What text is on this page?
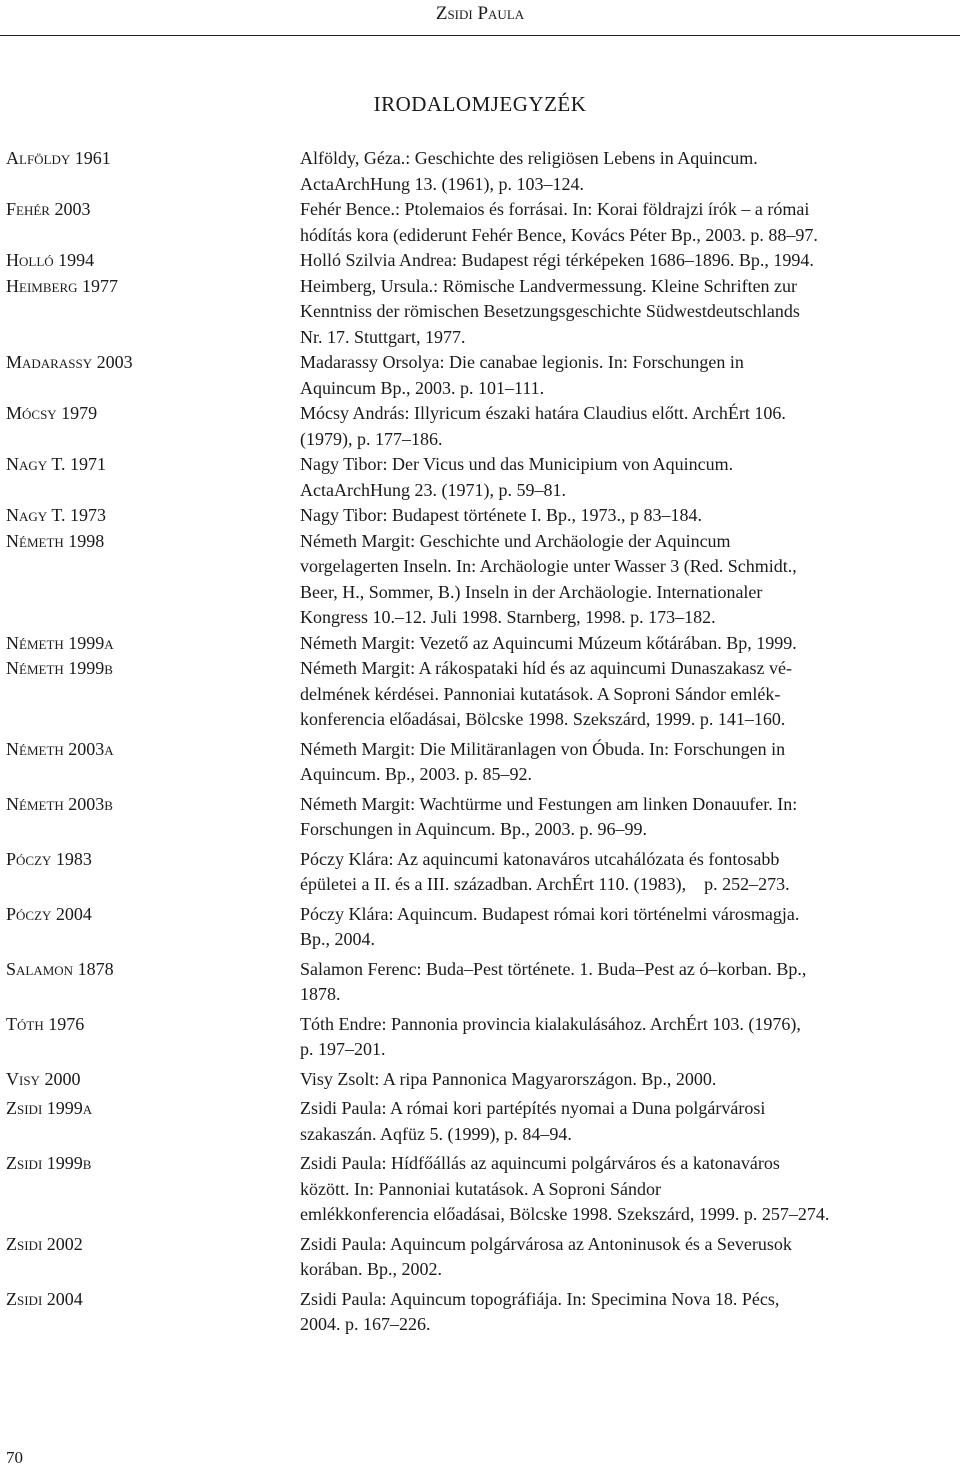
Zsidi Paula
IRODALOMJEGYZÉK
Alföldy 1961	Alföldy, Géza.: Geschichte des religiösen Lebens in Aquincum.
ActaArchHung 13. (1961), p. 103–124.
Fehér 2003	Fehér Bence.: Ptolemaios és forrásai. In: Korai földrajzi írók – a római
hódítás kora (ediderunt Fehér Bence, Kovács Péter Bp., 2003. p. 88–97.
Holló 1994	Holló Szilvia Andrea: Budapest régi térképeken 1686–1896. Bp., 1994.
Heimberg 1977	Heimberg, Ursula.: Römische Landvermessung. Kleine Schriften zur
Kenntniss der römischen Besetzungsgeschichte Südwestdeutschlands
Nr. 17. Stuttgart, 1977.
Madarassy 2003	Madarassy Orsolya: Die canabae legionis. In: Forschungen in
Aquincum Bp., 2003. p. 101–111.
Mócsy 1979	Mócsy András: Illyricum északi határa Claudius előtt. ArchÉrt 106.
(1979), p. 177–186.
Nagy T. 1971	Nagy Tibor: Der Vicus und das Municipium von Aquincum.
ActaArchHung 23. (1971), p. 59–81.
Nagy T. 1973	Nagy Tibor: Budapest története I. Bp., 1973., p 83–184.
Németh 1998	Németh Margit: Geschichte und Archäologie der Aquincum
vorgelagerten Inseln. In: Archäologie unter Wasser 3 (Red. Schmidt.,
Beer, H., Sommer, B.) Inseln in der Archäologie. Internationaler
Kongress 10.–12. Juli 1998. Starnberg, 1998. p. 173–182.
Németh 1999a	Németh Margit: Vezető az Aquincumi Múzeum kőtárában. Bp, 1999.
Németh 1999b	Németh Margit: A rákospataki híd és az aquincumi Dunaszakasz vé-
delmének kérdései. Pannoniai kutatások. A Soproni Sándor emlék-
konferencia előadásai, Bölcske 1998. Szekszárd, 1999. p. 141–160.
Németh 2003a	Németh Margit: Die Militäranlagen von Óbuda. In: Forschungen in
Aquincum. Bp., 2003. p. 85–92.
Németh 2003b	Németh Margit: Wachtürme und Festungen am linken Donauufer. In:
Forschungen in Aquincum. Bp., 2003. p. 96–99.
Póczy 1983	Póczy Klára: Az aquincumi katonaváros utcahálózata és fontosabb
épületei a II. és a III. században. ArchÉrt 110. (1983),    p. 252–273.
Póczy 2004	Póczy Klára: Aquincum. Budapest római kori történelmi városmagja.
Bp., 2004.
Salamon 1878	Salamon Ferenc: Buda–Pest története. 1. Buda–Pest az ó–korban. Bp.,
1878.
Tóth 1976	Tóth Endre: Pannonia provincia kialakulásához. ArchÉrt 103. (1976),
p. 197–201.
Visy 2000	Visy Zsolt: A ripa Pannonica Magyarországon. Bp., 2000.
Zsidi 1999a	Zsidi Paula: A római kori partépítés nyomai a Duna polgárvárosi
szakaszán. Aqfüz 5. (1999), p. 84–94.
Zsidi 1999b	Zsidi Paula: Hídfőállás az aquincumi polgárváros és a katonaváros
között. In: Pannoniai kutatások. A Soproni Sándor
emlékkonferencia előadásai, Bölcske 1998. Szekszárd, 1999. p. 257–274.
Zsidi 2002	Zsidi Paula: Aquincum polgárvárosa az Antoninusok és a Severusok
korában. Bp., 2002.
Zsidi 2004	Zsidi Paula: Aquincum topográfiája. In: Specimina Nova 18. Pécs,
2004. p. 167–226.
70
